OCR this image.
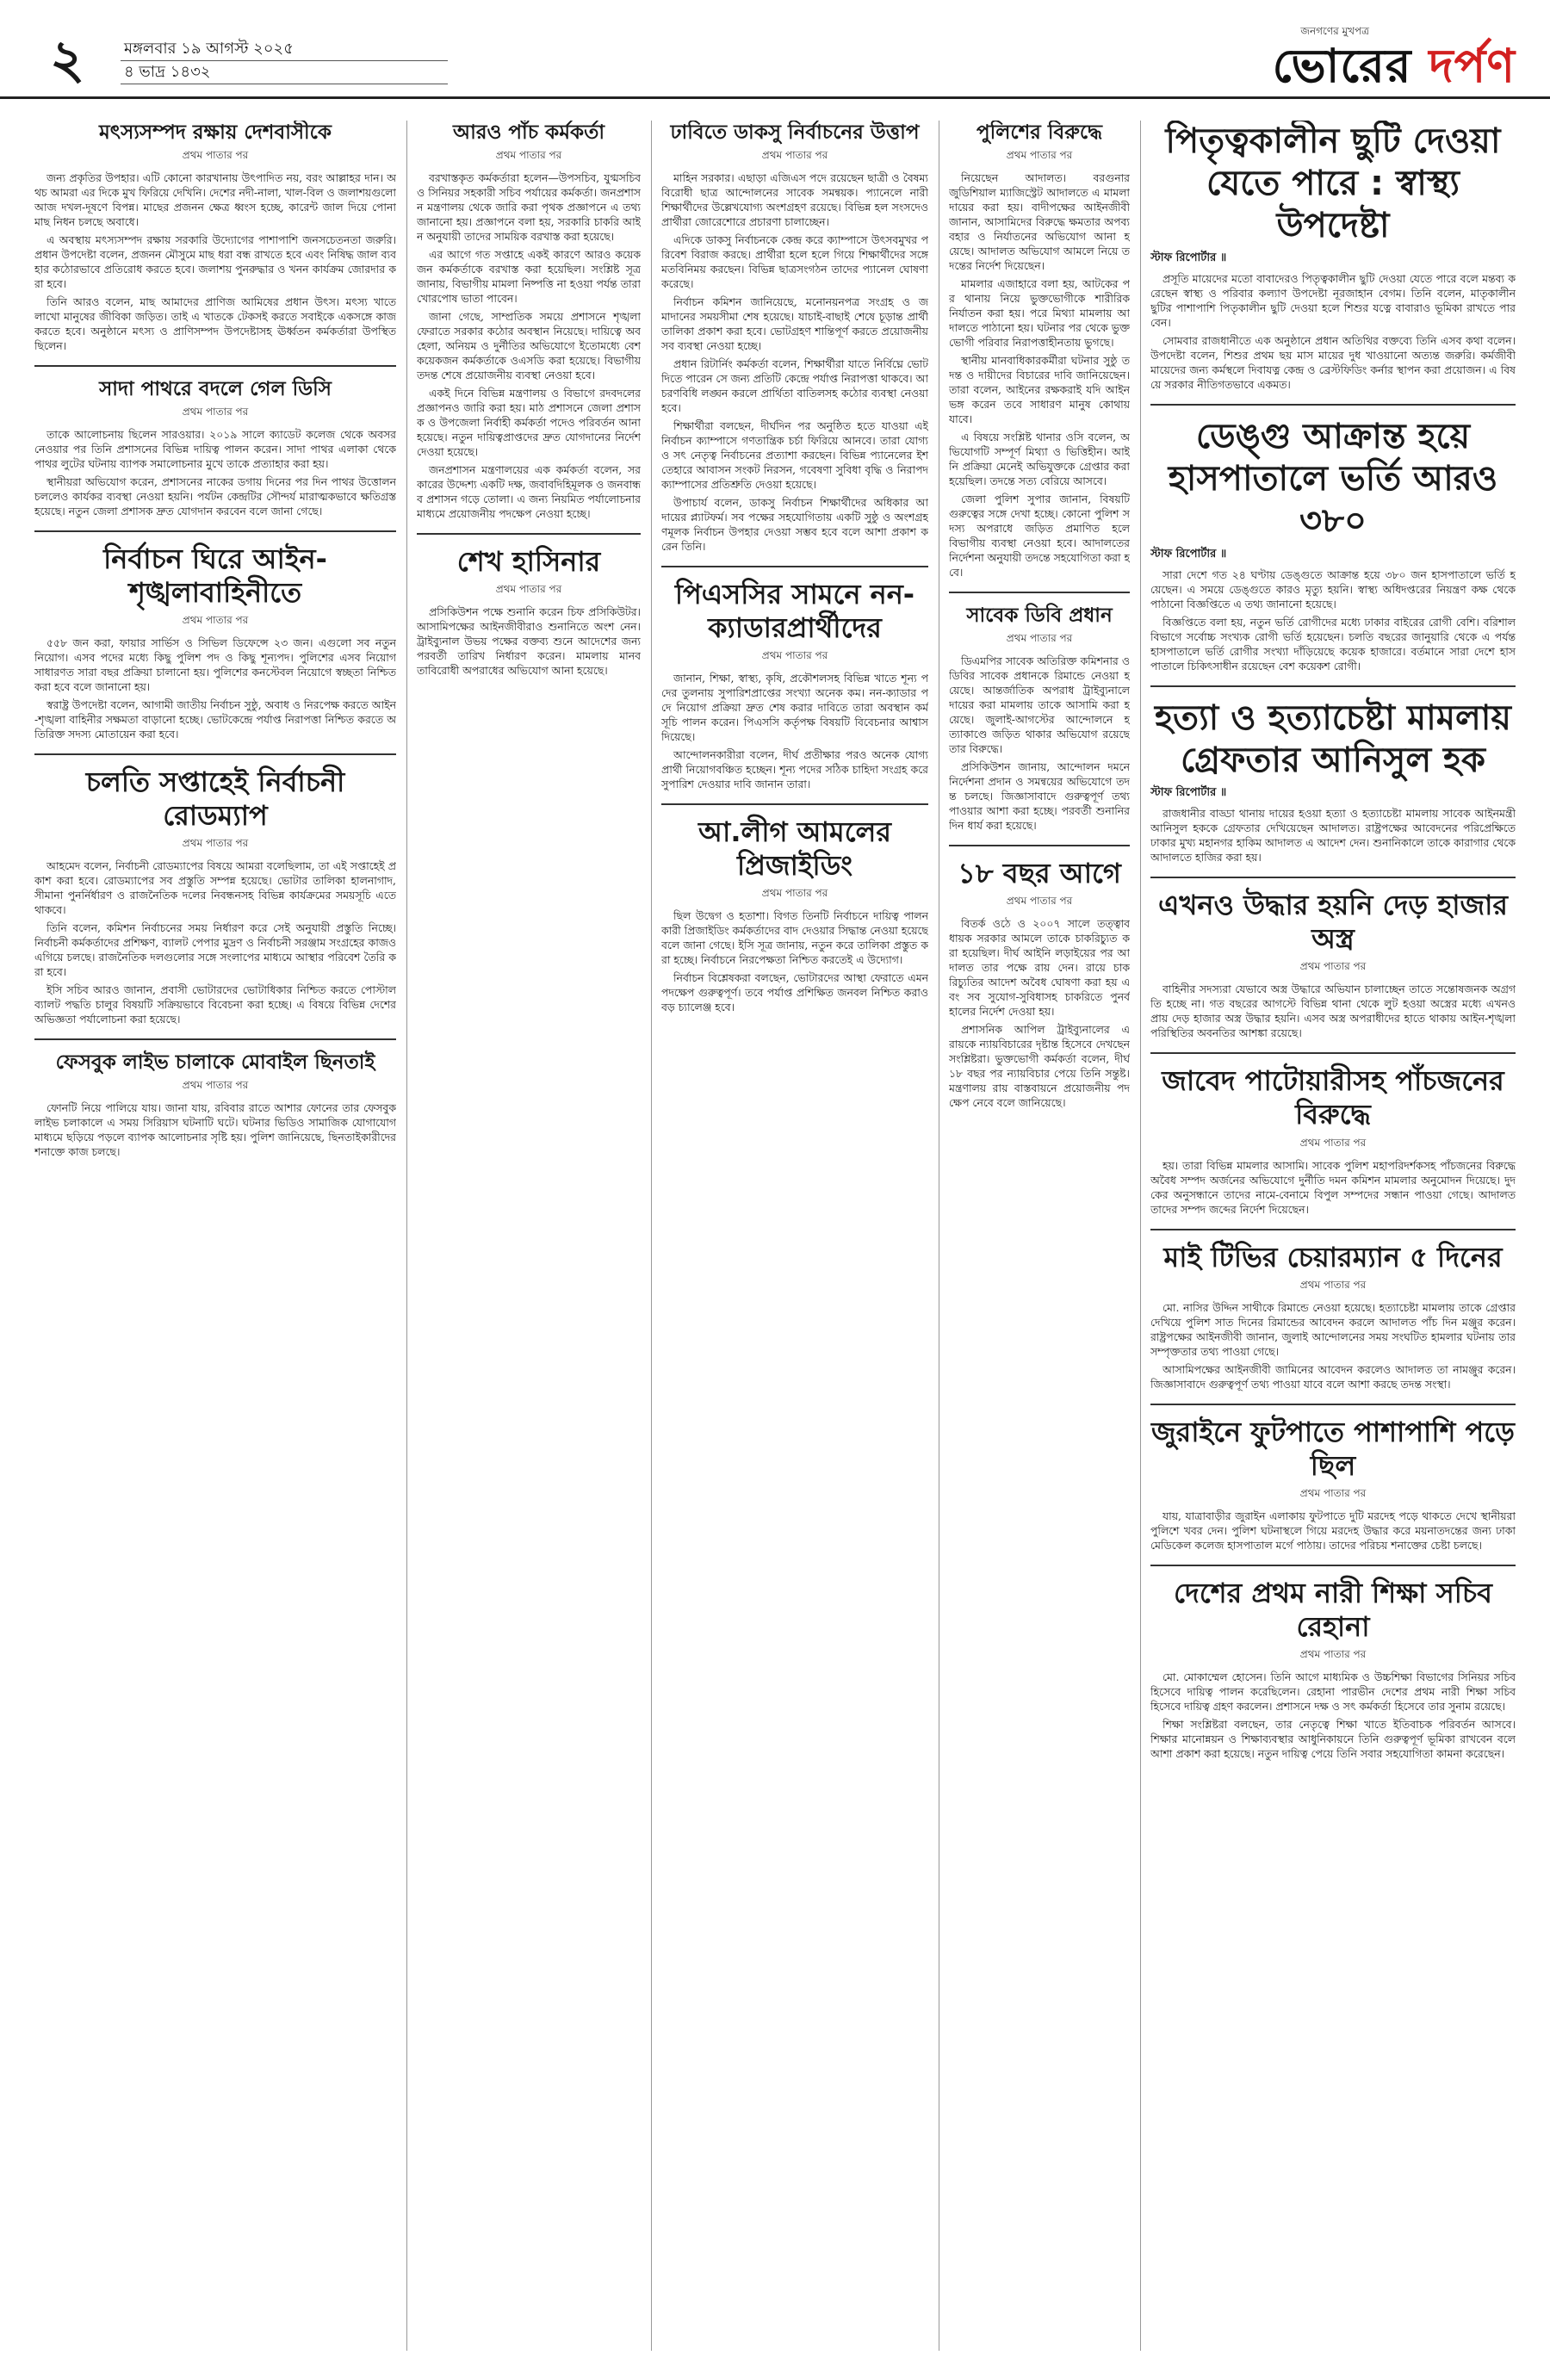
২	মঙ্গলবার ১৯ আগস্ট ২০২৫
৪ ভাদ্র ১৪৩২
জনগণের মুখপত্র
ভোরের দর্পণ
মৎস্যসম্পদ রক্ষায় দেশবাসীকে
প্রথম পাতার পর

জন্য প্রকৃতির উপহার। এটি কোনো কারখানায় উৎপাদিত নয়, বরং আল্লাহর দান। অথচ আমরা এর দিকে মুখ ফিরিয়ে দেখিনি। দেশের নদী-নালা, খাল-বিল ও জলাশয়গুলো আজ দখল-দূষণে বিপন্ন। মাছের প্রজনন ক্ষেত্র ধ্বংস হচ্ছে, কারেন্ট জাল দিয়ে পোনা মাছ নিধন চলছে অবাধে।

এ অবস্থায় মৎস্যসম্পদ রক্ষায় সরকারি উদ্যোগের পাশাপাশি জনসচেতনতা জরুরি। প্রধান উপদেষ্টা বলেন, প্রজনন মৌসুমে মাছ ধরা বন্ধ রাখতে হবে এবং নিষিদ্ধ জাল ব্যবহার কঠোরভাবে প্রতিরোধ করতে হবে। জলাশয় পুনরুদ্ধার ও খনন কার্যক্রম জোরদার করা হবে।

তিনি আরও বলেন, মাছ আমাদের প্রাণিজ আমিষের প্রধান উৎস। মৎস্য খাতে লাখো মানুষের জীবিকা জড়িত। তাই এ খাতকে টেকসই করতে সবাইকে একসঙ্গে কাজ করতে হবে। অনুষ্ঠানে মৎস্য ও প্রাণিসম্পদ উপদেষ্টাসহ ঊর্ধ্বতন কর্মকর্তারা উপস্থিত ছিলেন।

সাদা পাথরে বদলে গেল ডিসি
প্রথম পাতার পর

তাকে আলোচনায় ছিলেন সারওয়ার। ২০১৯ সালে ক্যাডেট কলেজ থেকে অবসর নেওয়ার পর তিনি প্রশাসনের বিভিন্ন দায়িত্ব পালন করেন। সাদা পাথর এলাকা থেকে পাথর লুটের ঘটনায় ব্যাপক সমালোচনার মুখে তাকে প্রত্যাহার করা হয়।

স্থানীয়রা অভিযোগ করেন, প্রশাসনের নাকের ডগায় দিনের পর দিন পাথর উত্তোলন চললেও কার্যকর ব্যবস্থা নেওয়া হয়নি। পর্যটন কেন্দ্রটির সৌন্দর্য মারাত্মকভাবে ক্ষতিগ্রস্ত হয়েছে। নতুন জেলা প্রশাসক দ্রুত যোগদান করবেন বলে জানা গেছে।

নির্বাচন ঘিরে আইন-শৃঙ্খলাবাহিনীতে
প্রথম পাতার পর

৫৫৮ জন করা, ফায়ার সার্ভিস ও সিভিল ডিফেন্সে ২৩ জন। এগুলো সব নতুন নিয়োগ। এসব পদের মধ্যে কিছু পুলিশ পদ ও কিছু শূন্যপদ। পুলিশের এসব নিয়োগ সাধারণত সারা বছর প্রক্রিয়া চালানো হয়। পুলিশের কনস্টেবল নিয়োগে স্বচ্ছতা নিশ্চিত করা হবে বলে জানানো হয়।

স্বরাষ্ট্র উপদেষ্টা বলেন, আগামী জাতীয় নির্বাচন সুষ্ঠু, অবাধ ও নিরপেক্ষ করতে আইন-শৃঙ্খলা বাহিনীর সক্ষমতা বাড়ানো হচ্ছে। ভোটকেন্দ্রে পর্যাপ্ত নিরাপত্তা নিশ্চিত করতে অতিরিক্ত সদস্য মোতায়েন করা হবে।

চলতি সপ্তাহেই নির্বাচনী রোডম্যাপ
প্রথম পাতার পর

আহমেদ বলেন, নির্বাচনী রোডম্যাপের বিষয়ে আমরা বলেছিলাম, তা এই সপ্তাহেই প্রকাশ করা হবে। রোডম্যাপের সব প্রস্তুতি সম্পন্ন হয়েছে। ভোটার তালিকা হালনাগাদ, সীমানা পুনর্নির্ধারণ ও রাজনৈতিক দলের নিবন্ধনসহ বিভিন্ন কার্যক্রমের সময়সূচি এতে থাকবে।

তিনি বলেন, কমিশন নির্বাচনের সময় নির্ধারণ করে সেই অনুযায়ী প্রস্তুতি নিচ্ছে। নির্বাচনী কর্মকর্তাদের প্রশিক্ষণ, ব্যালট পেপার মুদ্রণ ও নির্বাচনী সরঞ্জাম সংগ্রহের কাজও এগিয়ে চলছে। রাজনৈতিক দলগুলোর সঙ্গে সংলাপের মাধ্যমে আস্থার পরিবেশ তৈরি করা হবে।

ইসি সচিব আরও জানান, প্রবাসী ভোটারদের ভোটাধিকার নিশ্চিত করতে পোস্টাল ব্যালট পদ্ধতি চালুর বিষয়টি সক্রিয়ভাবে বিবেচনা করা হচ্ছে। এ বিষয়ে বিভিন্ন দেশের অভিজ্ঞতা পর্যালোচনা করা হয়েছে।

ফেসবুক লাইভ চালাকে মোবাইল ছিনতাই
প্রথম পাতার পর

ফোনটি নিয়ে পালিয়ে যায়। জানা যায়, রবিবার রাতে আশার ফোনের তার ফেসবুক লাইভ চলাকালে এ সময় সিরিয়াস ঘটনাটি ঘটে। ঘটনার ভিডিও সামাজিক যোগাযোগমাধ্যমে ছড়িয়ে পড়লে ব্যাপক আলোচনার সৃষ্টি হয়। পুলিশ জানিয়েছে, ছিনতাইকারীদের শনাক্তে কাজ চলছে।

আরও পাঁচ কর্মকর্তা
প্রথম পাতার পর

বরখাস্তকৃত কর্মকর্তারা হলেন—উপসচিব, যুগ্মসচিব ও সিনিয়র সহকারী সচিব পর্যায়ের কর্মকর্তা। জনপ্রশাসন মন্ত্রণালয় থেকে জারি করা পৃথক প্রজ্ঞাপনে এ তথ্য জানানো হয়। প্রজ্ঞাপনে বলা হয়, সরকারি চাকরি আইন অনুযায়ী তাদের সাময়িক বরখাস্ত করা হয়েছে।

এর আগে গত সপ্তাহে একই কারণে আরও কয়েকজন কর্মকর্তাকে বরখাস্ত করা হয়েছিল। সংশ্লিষ্ট সূত্র জানায়, বিভাগীয় মামলা নিষ্পত্তি না হওয়া পর্যন্ত তারা খোরপোষ ভাতা পাবেন।

জানা গেছে, সাম্প্রতিক সময়ে প্রশাসনে শৃঙ্খলা ফেরাতে সরকার কঠোর অবস্থান নিয়েছে। দায়িত্বে অবহেলা, অনিয়ম ও দুর্নীতির অভিযোগে ইতোমধ্যে বেশ কয়েকজন কর্মকর্তাকে ওএসডি করা হয়েছে। বিভাগীয় তদন্ত শেষে প্রয়োজনীয় ব্যবস্থা নেওয়া হবে।

একই দিনে বিভিন্ন মন্ত্রণালয় ও বিভাগে রদবদলের প্রজ্ঞাপনও জারি করা হয়। মাঠ প্রশাসনে জেলা প্রশাসক ও উপজেলা নির্বাহী কর্মকর্তা পদেও পরিবর্তন আনা হয়েছে। নতুন দায়িত্বপ্রাপ্তদের দ্রুত যোগদানের নির্দেশ দেওয়া হয়েছে।

জনপ্রশাসন মন্ত্রণালয়ের এক কর্মকর্তা বলেন, সরকারের উদ্দেশ্য একটি দক্ষ, জবাবদিহিমূলক ও জনবান্ধব প্রশাসন গড়ে তোলা। এ জন্য নিয়মিত পর্যালোচনার মাধ্যমে প্রয়োজনীয় পদক্ষেপ নেওয়া হচ্ছে।

শেখ হাসিনার
প্রথম পাতার পর

প্রসিকিউশন পক্ষে শুনানি করেন চিফ প্রসিকিউটর। আসামিপক্ষের আইনজীবীরাও শুনানিতে অংশ নেন। ট্রাইব্যুনাল উভয় পক্ষের বক্তব্য শুনে আদেশের জন্য পরবর্তী তারিখ নির্ধারণ করেন। মামলায় মানবতাবিরোধী অপরাধের অভিযোগ আনা হয়েছে।

ঢাবিতে ডাকসু নির্বাচনের উত্তাপ
প্রথম পাতার পর

মাহিন সরকার। এছাড়া এজিএস পদে রয়েছেন ছাত্রী ও বৈষম্যবিরোধী ছাত্র আন্দোলনের সাবেক সমন্বয়ক। প্যানেলে নারী শিক্ষার্থীদের উল্লেখযোগ্য অংশগ্রহণ রয়েছে। বিভিন্ন হল সংসদেও প্রার্থীরা জোরেশোরে প্রচারণা চালাচ্ছেন।

এদিকে ডাকসু নির্বাচনকে কেন্দ্র করে ক্যাম্পাসে উৎসবমুখর পরিবেশ বিরাজ করছে। প্রার্থীরা হলে হলে গিয়ে শিক্ষার্থীদের সঙ্গে মতবিনিময় করছেন। বিভিন্ন ছাত্রসংগঠন তাদের প্যানেল ঘোষণা করেছে।

নির্বাচন কমিশন জানিয়েছে, মনোনয়নপত্র সংগ্রহ ও জমাদানের সময়সীমা শেষ হয়েছে। যাচাই-বাছাই শেষে চূড়ান্ত প্রার্থী তালিকা প্রকাশ করা হবে। ভোটগ্রহণ শান্তিপূর্ণ করতে প্রয়োজনীয় সব ব্যবস্থা নেওয়া হচ্ছে।

প্রধান রিটার্নিং কর্মকর্তা বলেন, শিক্ষার্থীরা যাতে নির্বিঘ্নে ভোট দিতে পারেন সে জন্য প্রতিটি কেন্দ্রে পর্যাপ্ত নিরাপত্তা থাকবে। আচরণবিধি লঙ্ঘন করলে প্রার্থিতা বাতিলসহ কঠোর ব্যবস্থা নেওয়া হবে।

শিক্ষার্থীরা বলছেন, দীর্ঘদিন পর অনুষ্ঠিত হতে যাওয়া এই নির্বাচন ক্যাম্পাসে গণতান্ত্রিক চর্চা ফিরিয়ে আনবে। তারা যোগ্য ও সৎ নেতৃত্ব নির্বাচনের প্রত্যাশা করছেন। বিভিন্ন প্যানেলের ইশতেহারে আবাসন সংকট নিরসন, গবেষণা সুবিধা বৃদ্ধি ও নিরাপদ ক্যাম্পাসের প্রতিশ্রুতি দেওয়া হয়েছে।

উপাচার্য বলেন, ডাকসু নির্বাচন শিক্ষার্থীদের অধিকার আদায়ের প্ল্যাটফর্ম। সব পক্ষের সহযোগিতায় একটি সুষ্ঠু ও অংশগ্রহণমূলক নির্বাচন উপহার দেওয়া সম্ভব হবে বলে আশা প্রকাশ করেন তিনি।

পিএসসির সামনে নন-ক্যাডারপ্রার্থীদের
প্রথম পাতার পর

জানান, শিক্ষা, স্বাস্থ্য, কৃষি, প্রকৌশলসহ বিভিন্ন খাতে শূন্য পদের তুলনায় সুপারিশপ্রাপ্তের সংখ্যা অনেক কম। নন-ক্যাডার পদে নিয়োগ প্রক্রিয়া দ্রুত শেষ করার দাবিতে তারা অবস্থান কর্মসূচি পালন করেন। পিএসসি কর্তৃপক্ষ বিষয়টি বিবেচনার আশ্বাস দিয়েছে।

আন্দোলনকারীরা বলেন, দীর্ঘ প্রতীক্ষার পরও অনেক যোগ্য প্রার্থী নিয়োগবঞ্চিত হচ্ছেন। শূন্য পদের সঠিক চাহিদা সংগ্রহ করে সুপারিশ দেওয়ার দাবি জানান তারা।

আ.লীগ আমলের প্রিজাইডিং
প্রথম পাতার পর

ছিল উদ্বেগ ও হতাশা। বিগত তিনটি নির্বাচনে দায়িত্ব পালনকারী প্রিজাইডিং কর্মকর্তাদের বাদ দেওয়ার সিদ্ধান্ত নেওয়া হয়েছে বলে জানা গেছে। ইসি সূত্র জানায়, নতুন করে তালিকা প্রস্তুত করা হচ্ছে। নির্বাচনে নিরপেক্ষতা নিশ্চিত করতেই এ উদ্যোগ।

নির্বাচন বিশ্লেষকরা বলছেন, ভোটারদের আস্থা ফেরাতে এমন পদক্ষেপ গুরুত্বপূর্ণ। তবে পর্যাপ্ত প্রশিক্ষিত জনবল নিশ্চিত করাও বড় চ্যালেঞ্জ হবে।

পুলিশের বিরুদ্ধে
প্রথম পাতার পর

নিয়েছেন আদালত। বরগুনার জুডিশিয়াল ম্যাজিস্ট্রেট আদালতে এ মামলা দায়ের করা হয়। বাদীপক্ষের আইনজীবী জানান, আসামিদের বিরুদ্ধে ক্ষমতার অপব্যবহার ও নির্যাতনের অভিযোগ আনা হয়েছে। আদালত অভিযোগ আমলে নিয়ে তদন্তের নির্দেশ দিয়েছেন।

মামলার এজাহারে বলা হয়, আটকের পর থানায় নিয়ে ভুক্তভোগীকে শারীরিক নির্যাতন করা হয়। পরে মিথ্যা মামলায় আদালতে পাঠানো হয়। ঘটনার পর থেকে ভুক্তভোগী পরিবার নিরাপত্তাহীনতায় ভুগছে।

স্থানীয় মানবাধিকারকর্মীরা ঘটনার সুষ্ঠু তদন্ত ও দায়ীদের বিচারের দাবি জানিয়েছেন। তারা বলেন, আইনের রক্ষকরাই যদি আইন ভঙ্গ করেন তবে সাধারণ মানুষ কোথায় যাবে।

এ বিষয়ে সংশ্লিষ্ট থানার ওসি বলেন, অভিযোগটি সম্পূর্ণ মিথ্যা ও ভিত্তিহীন। আইনি প্রক্রিয়া মেনেই অভিযুক্তকে গ্রেপ্তার করা হয়েছিল। তদন্তে সত্য বেরিয়ে আসবে।

জেলা পুলিশ সুপার জানান, বিষয়টি গুরুত্বের সঙ্গে দেখা হচ্ছে। কোনো পুলিশ সদস্য অপরাধে জড়িত প্রমাণিত হলে বিভাগীয় ব্যবস্থা নেওয়া হবে। আদালতের নির্দেশনা অনুযায়ী তদন্তে সহযোগিতা করা হবে।

সাবেক ডিবি প্রধান
প্রথম পাতার পর

ডিএমপির সাবেক অতিরিক্ত কমিশনার ও ডিবির সাবেক প্রধানকে রিমান্ডে নেওয়া হয়েছে। আন্তর্জাতিক অপরাধ ট্রাইব্যুনালে দায়ের করা মামলায় তাকে আসামি করা হয়েছে। জুলাই-আগস্টের আন্দোলনে হত্যাকাণ্ডে জড়িত থাকার অভিযোগ রয়েছে তার বিরুদ্ধে।

প্রসিকিউশন জানায়, আন্দোলন দমনে নির্দেশনা প্রদান ও সমন্বয়ের অভিযোগে তদন্ত চলছে। জিজ্ঞাসাবাদে গুরুত্বপূর্ণ তথ্য পাওয়ার আশা করা হচ্ছে। পরবর্তী শুনানির দিন ধার্য করা হয়েছে।

১৮ বছর আগে
প্রথম পাতার পর

বিতর্ক ওঠে ও ২০০৭ সালে তত্ত্বাবধায়ক সরকার আমলে তাকে চাকরিচ্যুত করা হয়েছিল। দীর্ঘ আইনি লড়াইয়ের পর আদালত তার পক্ষে রায় দেন। রায়ে চাকরিচ্যুতির আদেশ অবৈধ ঘোষণা করা হয় এবং সব সুযোগ-সুবিধাসহ চাকরিতে পুনর্বহালের নির্দেশ দেওয়া হয়।

প্রশাসনিক আপিল ট্রাইব্যুনালের এ রায়কে ন্যায়বিচারের দৃষ্টান্ত হিসেবে দেখছেন সংশ্লিষ্টরা। ভুক্তভোগী কর্মকর্তা বলেন, দীর্ঘ ১৮ বছর পর ন্যায়বিচার পেয়ে তিনি সন্তুষ্ট। মন্ত্রণালয় রায় বাস্তবায়নে প্রয়োজনীয় পদক্ষেপ নেবে বলে জানিয়েছে।

পিতৃত্বকালীন ছুটি দেওয়া যেতে পারে : স্বাস্থ্য উপদেষ্টা
স্টাফ রিপোর্টার ॥

প্রসূতি মায়েদের মতো বাবাদেরও পিতৃত্বকালীন ছুটি দেওয়া যেতে পারে বলে মন্তব্য করেছেন স্বাস্থ্য ও পরিবার কল্যাণ উপদেষ্টা নূরজাহান বেগম। তিনি বলেন, মাতৃকালীন ছুটির পাশাপাশি পিতৃকালীন ছুটি দেওয়া হলে শিশুর যত্নে বাবারাও ভূমিকা রাখতে পারবেন।

সোমবার রাজধানীতে এক অনুষ্ঠানে প্রধান অতিথির বক্তব্যে তিনি এসব কথা বলেন। উপদেষ্টা বলেন, শিশুর প্রথম ছয় মাস মায়ের দুধ খাওয়ানো অত্যন্ত জরুরি। কর্মজীবী মায়েদের জন্য কর্মস্থলে দিবাযত্ন কেন্দ্র ও ব্রেস্টফিডিং কর্নার স্থাপন করা প্রয়োজন। এ বিষয়ে সরকার নীতিগতভাবে একমত।

ডেঙ্গু আক্রান্ত হয়ে হাসপাতালে ভর্তি আরও ৩৮০
স্টাফ রিপোর্টার ॥

সারা দেশে গত ২৪ ঘণ্টায় ডেঙ্গুতে আক্রান্ত হয়ে ৩৮০ জন হাসপাতালে ভর্তি হয়েছেন। এ সময়ে ডেঙ্গুতে কারও মৃত্যু হয়নি। স্বাস্থ্য অধিদপ্তরের নিয়ন্ত্রণ কক্ষ থেকে পাঠানো বিজ্ঞপ্তিতে এ তথ্য জানানো হয়েছে।

বিজ্ঞপ্তিতে বলা হয়, নতুন ভর্তি রোগীদের মধ্যে ঢাকার বাইরের রোগী বেশি। বরিশাল বিভাগে সর্বোচ্চ সংখ্যক রোগী ভর্তি হয়েছেন। চলতি বছরের জানুয়ারি থেকে এ পর্যন্ত হাসপাতালে ভর্তি রোগীর সংখ্যা দাঁড়িয়েছে কয়েক হাজারে। বর্তমানে সারা দেশে হাসপাতালে চিকিৎসাধীন রয়েছেন বেশ কয়েকশ রোগী।

হত্যা ও হত্যাচেষ্টা মামলায় গ্রেফতার আনিসুল হক
স্টাফ রিপোর্টার ॥

রাজধানীর বাড্ডা থানায় দায়ের হওয়া হত্যা ও হত্যাচেষ্টা মামলায় সাবেক আইনমন্ত্রী আনিসুল হককে গ্রেফতার দেখিয়েছেন আদালত। রাষ্ট্রপক্ষের আবেদনের পরিপ্রেক্ষিতে ঢাকার মুখ্য মহানগর হাকিম আদালত এ আদেশ দেন। শুনানিকালে তাকে কারাগার থেকে আদালতে হাজির করা হয়।

এখনও উদ্ধার হয়নি দেড় হাজার অস্ত্র
প্রথম পাতার পর

বাহিনীর সদস্যরা যেভাবে অস্ত্র উদ্ধারে অভিযান চালাচ্ছেন তাতে সন্তোষজনক অগ্রগতি হচ্ছে না। গত বছরের আগস্টে বিভিন্ন থানা থেকে লুট হওয়া অস্ত্রের মধ্যে এখনও প্রায় দেড় হাজার অস্ত্র উদ্ধার হয়নি। এসব অস্ত্র অপরাধীদের হাতে থাকায় আইন-শৃঙ্খলা পরিস্থিতির অবনতির আশঙ্কা রয়েছে।

জাবেদ পাটোয়ারীসহ পাঁচজনের বিরুদ্ধে
প্রথম পাতার পর

হয়। তারা বিভিন্ন মামলার আসামি। সাবেক পুলিশ মহাপরিদর্শকসহ পাঁচজনের বিরুদ্ধে অবৈধ সম্পদ অর্জনের অভিযোগে দুর্নীতি দমন কমিশন মামলার অনুমোদন দিয়েছে। দুদকের অনুসন্ধানে তাদের নামে-বেনামে বিপুল সম্পদের সন্ধান পাওয়া গেছে। আদালত তাদের সম্পদ জব্দের নির্দেশ দিয়েছেন।

মাই টিভির চেয়ারম্যান ৫ দিনের
প্রথম পাতার পর

মো. নাসির উদ্দিন সাথীকে রিমান্ডে নেওয়া হয়েছে। হত্যাচেষ্টা মামলায় তাকে গ্রেপ্তার দেখিয়ে পুলিশ সাত দিনের রিমান্ডের আবেদন করলে আদালত পাঁচ দিন মঞ্জুর করেন। রাষ্ট্রপক্ষের আইনজীবী জানান, জুলাই আন্দোলনের সময় সংঘটিত হামলার ঘটনায় তার সম্পৃক্ততার তথ্য পাওয়া গেছে।

আসামিপক্ষের আইনজীবী জামিনের আবেদন করলেও আদালত তা নামঞ্জুর করেন। জিজ্ঞাসাবাদে গুরুত্বপূর্ণ তথ্য পাওয়া যাবে বলে আশা করছে তদন্ত সংস্থা।

জুরাইনে ফুটপাতে পাশাপাশি পড়ে ছিল
প্রথম পাতার পর

যায়, যাত্রাবাড়ীর জুরাইন এলাকায় ফুটপাতে দুটি মরদেহ পড়ে থাকতে দেখে স্থানীয়রা পুলিশে খবর দেন। পুলিশ ঘটনাস্থলে গিয়ে মরদেহ উদ্ধার করে ময়নাতদন্তের জন্য ঢাকা মেডিকেল কলেজ হাসপাতাল মর্গে পাঠায়। তাদের পরিচয় শনাক্তের চেষ্টা চলছে।

দেশের প্রথম নারী শিক্ষা সচিব রেহানা
প্রথম পাতার পর

মো. মোকাম্মেল হোসেন। তিনি আগে মাধ্যমিক ও উচ্চশিক্ষা বিভাগের সিনিয়র সচিব হিসেবে দায়িত্ব পালন করেছিলেন। রেহানা পারভীন দেশের প্রথম নারী শিক্ষা সচিব হিসেবে দায়িত্ব গ্রহণ করলেন। প্রশাসনে দক্ষ ও সৎ কর্মকর্তা হিসেবে তার সুনাম রয়েছে।

শিক্ষা সংশ্লিষ্টরা বলছেন, তার নেতৃত্বে শিক্ষা খাতে ইতিবাচক পরিবর্তন আসবে। শিক্ষার মানোন্নয়ন ও শিক্ষাব্যবস্থার আধুনিকায়নে তিনি গুরুত্বপূর্ণ ভূমিকা রাখবেন বলে আশা প্রকাশ করা হয়েছে। নতুন দায়িত্ব পেয়ে তিনি সবার সহযোগিতা কামনা করেছেন।
